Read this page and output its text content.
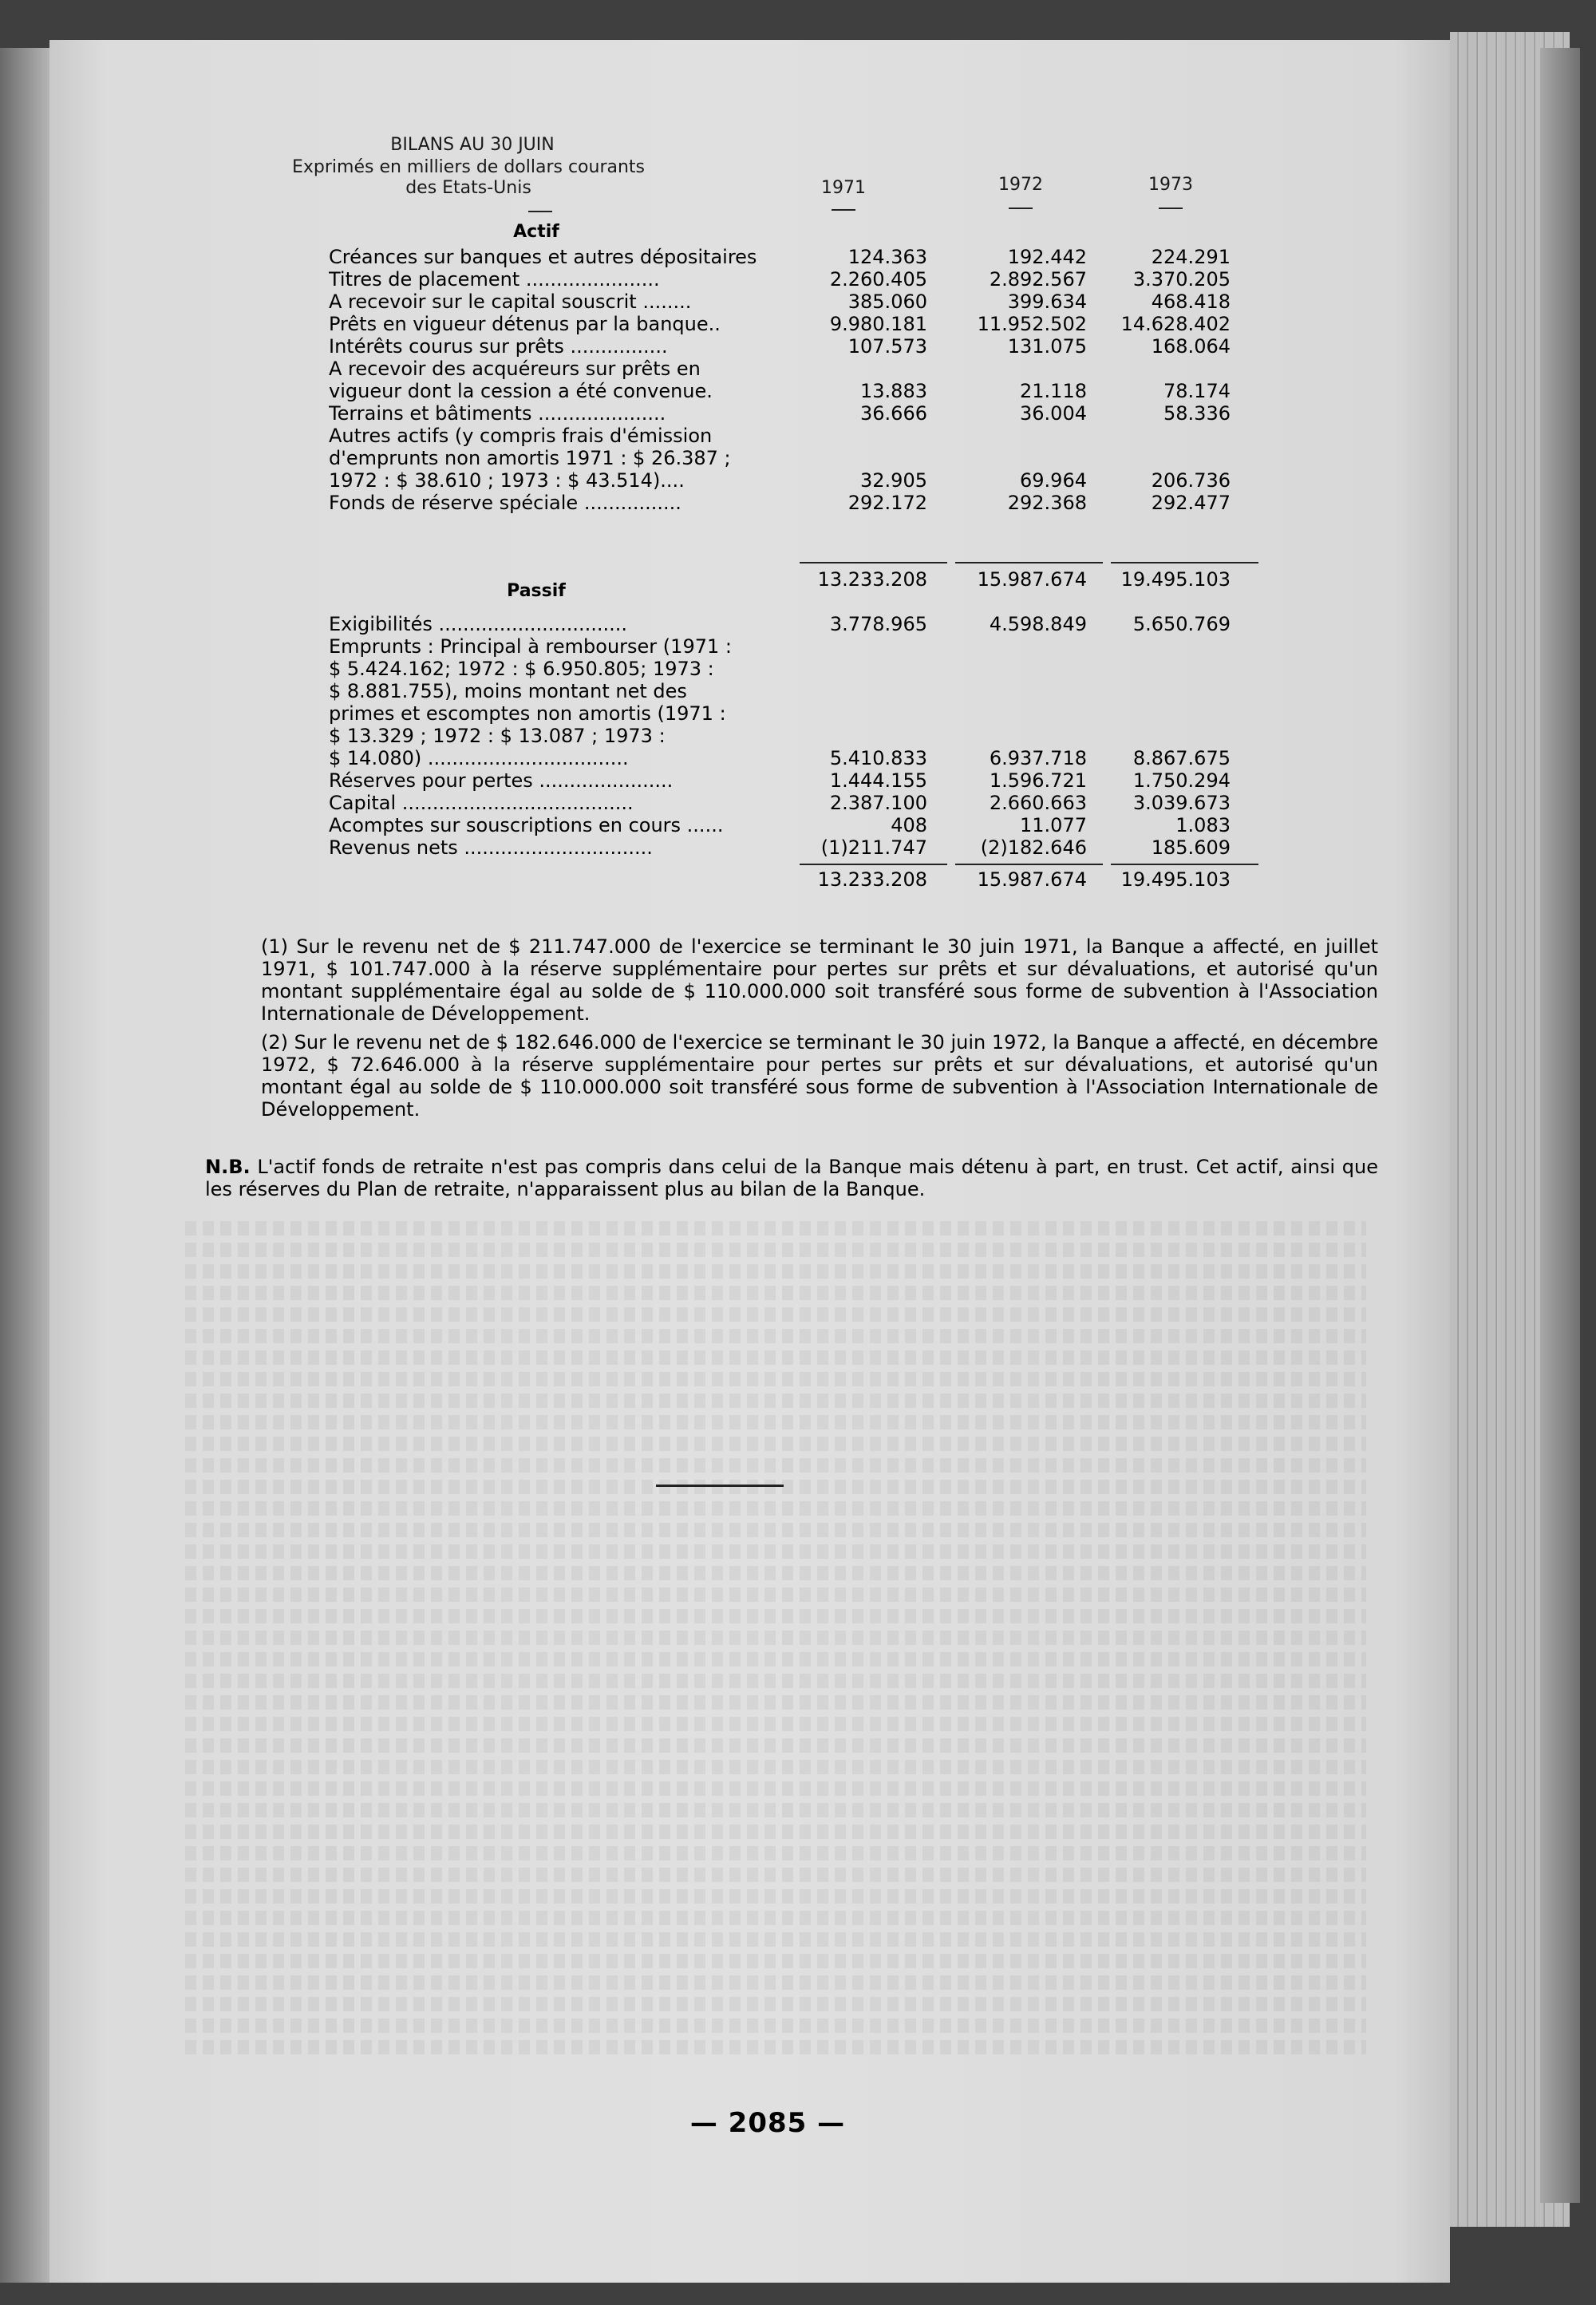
BILANS AU 30 JUIN
Exprimés en milliers de dollars courants
des Etats-Unis	1971	1972	1973
Actif
Créances sur banques et autres dépositaires	124.363	192.442	224.291
Titres de placement ......................	2.260.405	2.892.567	3.370.205
A recevoir sur le capital souscrit ........	385.060	399.634	468.418
Prêts en vigueur détenus par la banque..	9.980.181	11.952.502	14.628.402
Intérêts courus sur prêts ................	107.573	131.075	168.064
A recevoir des acquéreurs sur prêts en
vigueur dont la cession a été convenue.	13.883	21.118	78.174
Terrains et bâtiments .....................	36.666	36.004	58.336
Autres actifs (y compris frais d'émission
d'emprunts non amortis 1971 : $ 26.387 ;
1972 : $ 38.610 ; 1973 : $ 43.514)....	32.905	69.964	206.736
Fonds de réserve spéciale ................	292.172	292.368	292.477
13.233.208	15.987.674	19.495.103
Passif
Exigibilités ...............................	3.778.965	4.598.849	5.650.769
Emprunts : Principal à rembourser (1971 :
$ 5.424.162; 1972 : $ 6.950.805; 1973 :
$ 8.881.755), moins montant net des
primes et escomptes non amortis (1971 :
$ 13.329 ; 1972 : $ 13.087 ; 1973 :
$ 14.080) .................................	5.410.833	6.937.718	8.867.675
Réserves pour pertes ......................	1.444.155	1.596.721	1.750.294
Capital ......................................	2.387.100	2.660.663	3.039.673
Acomptes sur souscriptions en cours ......	408	11.077	1.083
Revenus nets ...............................	(1)211.747	(2)182.646	185.609
13.233.208	15.987.674	19.495.103
(1) Sur le revenu net de $ 211.747.000 de l'exercice se terminant le 30 juin 1971, la Banque a affecté, en juillet 1971, $ 101.747.000 à la réserve supplémentaire pour pertes sur prêts et sur dévaluations, et autorisé qu'un montant supplémentaire égal au solde de $ 110.000.000 soit transféré sous forme de subvention à l'Association Internationale de Développement.
(2) Sur le revenu net de $ 182.646.000 de l'exercice se terminant le 30 juin 1972, la Banque a affecté, en décembre 1972, $ 72.646.000 à la réserve supplémentaire pour pertes sur prêts et sur dévaluations, et autorisé qu'un montant égal au solde de $ 110.000.000 soit transféré sous forme de subvention à l'Association Internationale de Développement.
N.B. L'actif fonds de retraite n'est pas compris dans celui de la Banque mais détenu à part, en trust. Cet actif, ainsi que les réserves du Plan de retraite, n'apparaissent plus au bilan de la Banque.
— 2085 —
